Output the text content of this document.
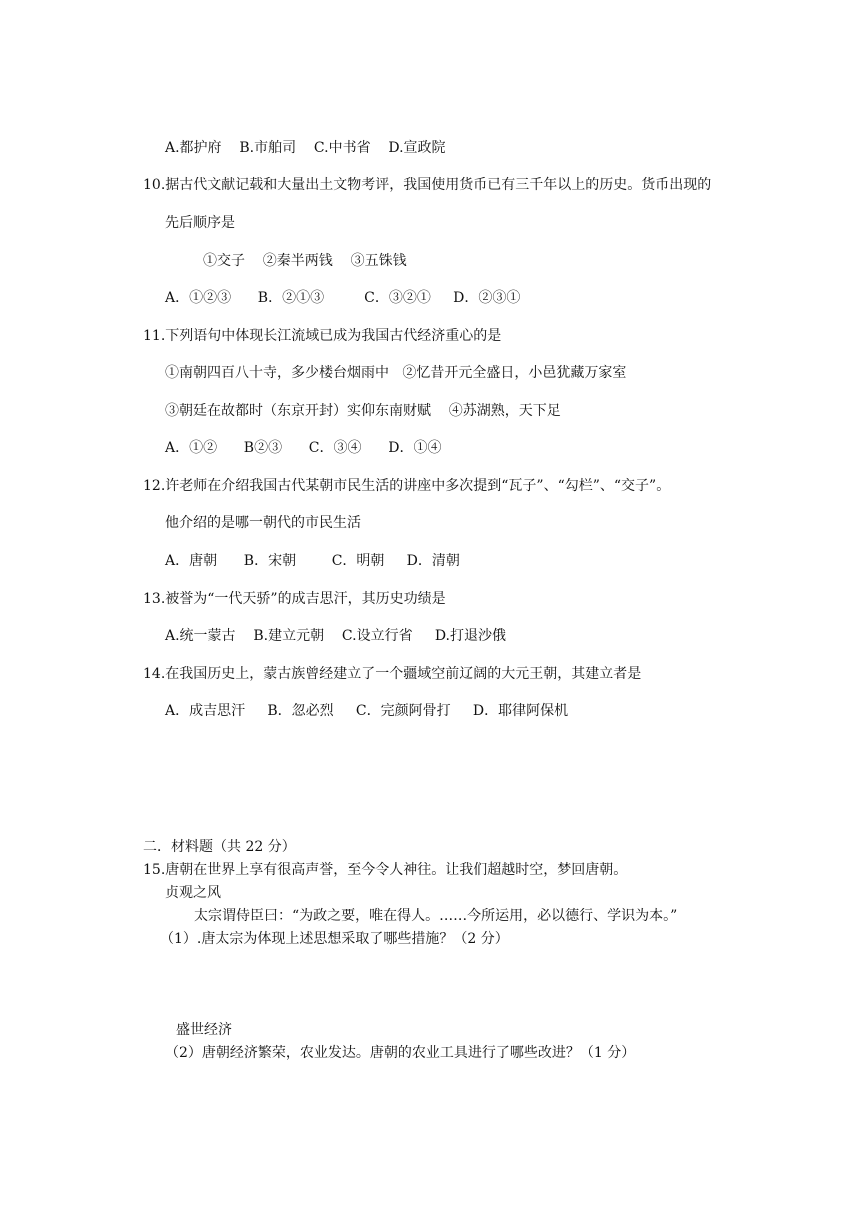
A.都护府    B.市舶司    C.中书省    D.宣政院
10.据古代文献记载和大量出土文物考评，我国使用货币已有三千年以上的历史。货币出现的
先后顺序是
①交子    ②秦半两钱    ③五铢钱
A．①②③      B．②①③         C．③②①     D．②③①
11.下列语句中体现长江流域已成为我国古代经济重心的是
①南朝四百八十寺，多少楼台烟雨中   ②忆昔开元全盛日，小邑犹藏万家室
③朝廷在故都时（东京开封）实仰东南财赋    ④苏湖熟，天下足
A．①②      B②③      C．③④      D．①④
12.许老师在介绍我国古代某朝市民生活的讲座中多次提到“瓦子”、“勾栏”、“交子”。
他介绍的是哪一朝代的市民生活
A．唐朝      B．宋朝        C．明朝     D．清朝
13.被誉为“一代天骄”的成吉思汗，其历史功绩是
A.统一蒙古    B.建立元朝    C.设立行省     D.打退沙俄
14.在我国历史上，蒙古族曾经建立了一个疆域空前辽阔的大元王朝，其建立者是
A．成吉思汗     B．忽必烈     C．完颜阿骨打     D．耶律阿保机
二．材料题（共 22 分）
15.唐朝在世界上享有很高声誉，至今令人神往。让我们超越时空，梦回唐朝。
贞观之风
太宗谓侍臣曰：“为政之要，唯在得人。……今所运用，必以德行、学识为本。”
（1）.唐太宗为体现上述思想采取了哪些措施？（2 分）
盛世经济
（2）唐朝经济繁荣，农业发达。唐朝的农业工具进行了哪些改进？（1 分）
